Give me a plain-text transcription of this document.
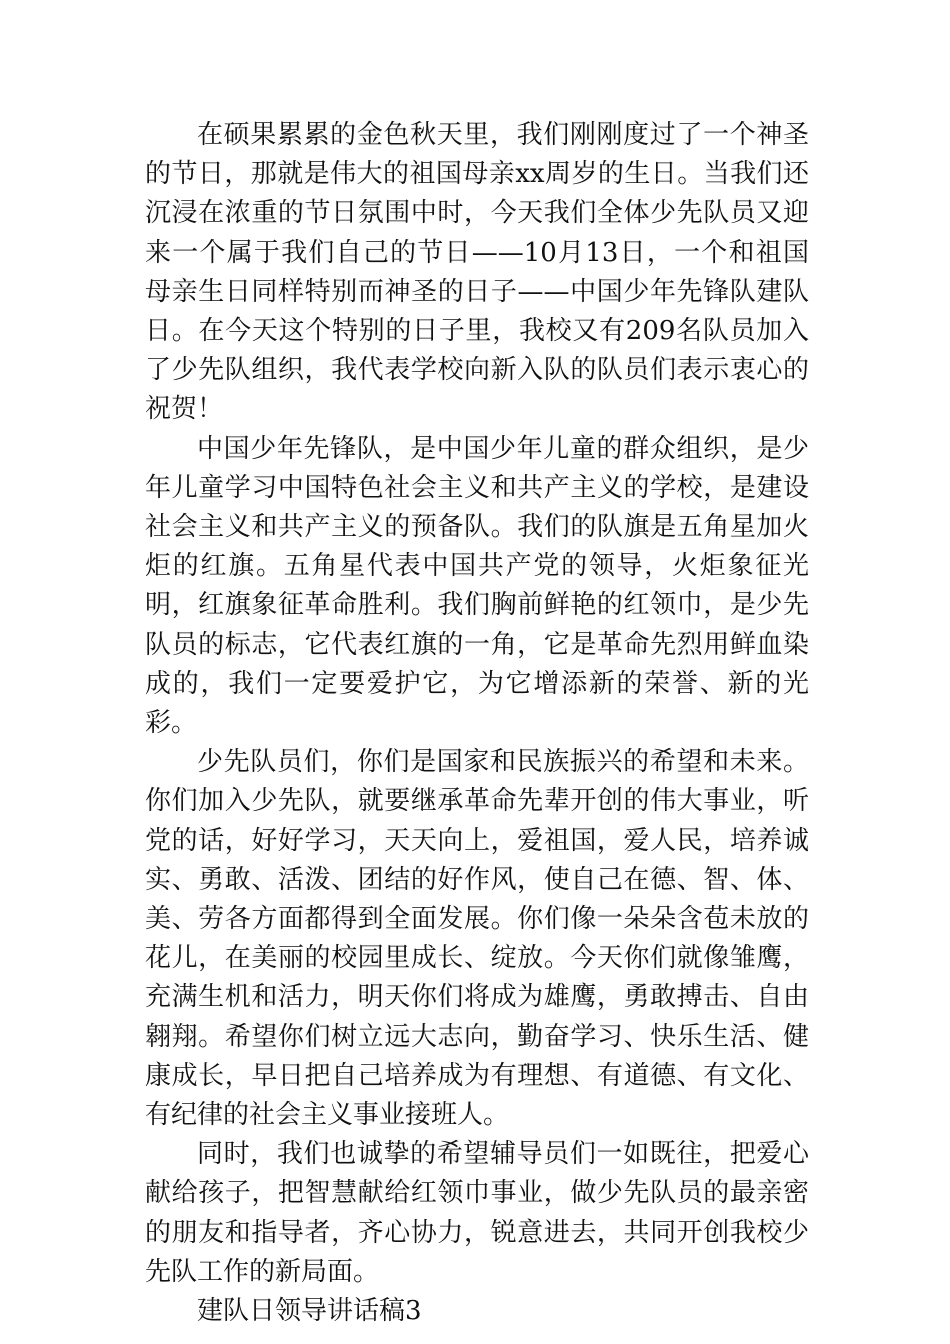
在硕果累累的金色秋天里，我们刚刚度过了一个神圣的节日，那就是伟大的祖国母亲xx周岁的生日。当我们还沉浸在浓重的节日氛围中时，今天我们全体少先队员又迎来一个属于我们自己的节日——10月13日，一个和祖国母亲生日同样特别而神圣的日子——中国少年先锋队建队日。在今天这个特别的日子里，我校又有209名队员加入了少先队组织，我代表学校向新入队的队员们表示衷心的祝贺！

中国少年先锋队，是中国少年儿童的群众组织，是少年儿童学习中国特色社会主义和共产主义的学校，是建设社会主义和共产主义的预备队。我们的队旗是五角星加火炬的红旗。五角星代表中国共产党的领导，火炬象征光明，红旗象征革命胜利。我们胸前鲜艳的红领巾，是少先队员的标志，它代表红旗的一角，它是革命先烈用鲜血染成的，我们一定要爱护它，为它增添新的荣誉、新的光彩。

少先队员们，你们是国家和民族振兴的希望和未来。你们加入少先队，就要继承革命先辈开创的伟大事业，听党的话，好好学习，天天向上，爱祖国，爱人民，培养诚实、勇敢、活泼、团结的好作风，使自己在德、智、体、美、劳各方面都得到全面发展。你们像一朵朵含苞未放的花儿，在美丽的校园里成长、绽放。今天你们就像雏鹰，充满生机和活力，明天你们将成为雄鹰，勇敢搏击、自由翱翔。希望你们树立远大志向，勤奋学习、快乐生活、健康成长，早日把自己培养成为有理想、有道德、有文化、有纪律的社会主义事业接班人。

同时，我们也诚挚的希望辅导员们一如既往，把爱心献给孩子，把智慧献给红领巾事业，做少先队员的最亲密的朋友和指导者，齐心协力，锐意进去，共同开创我校少先队工作的新局面。

建队日领导讲话稿3
